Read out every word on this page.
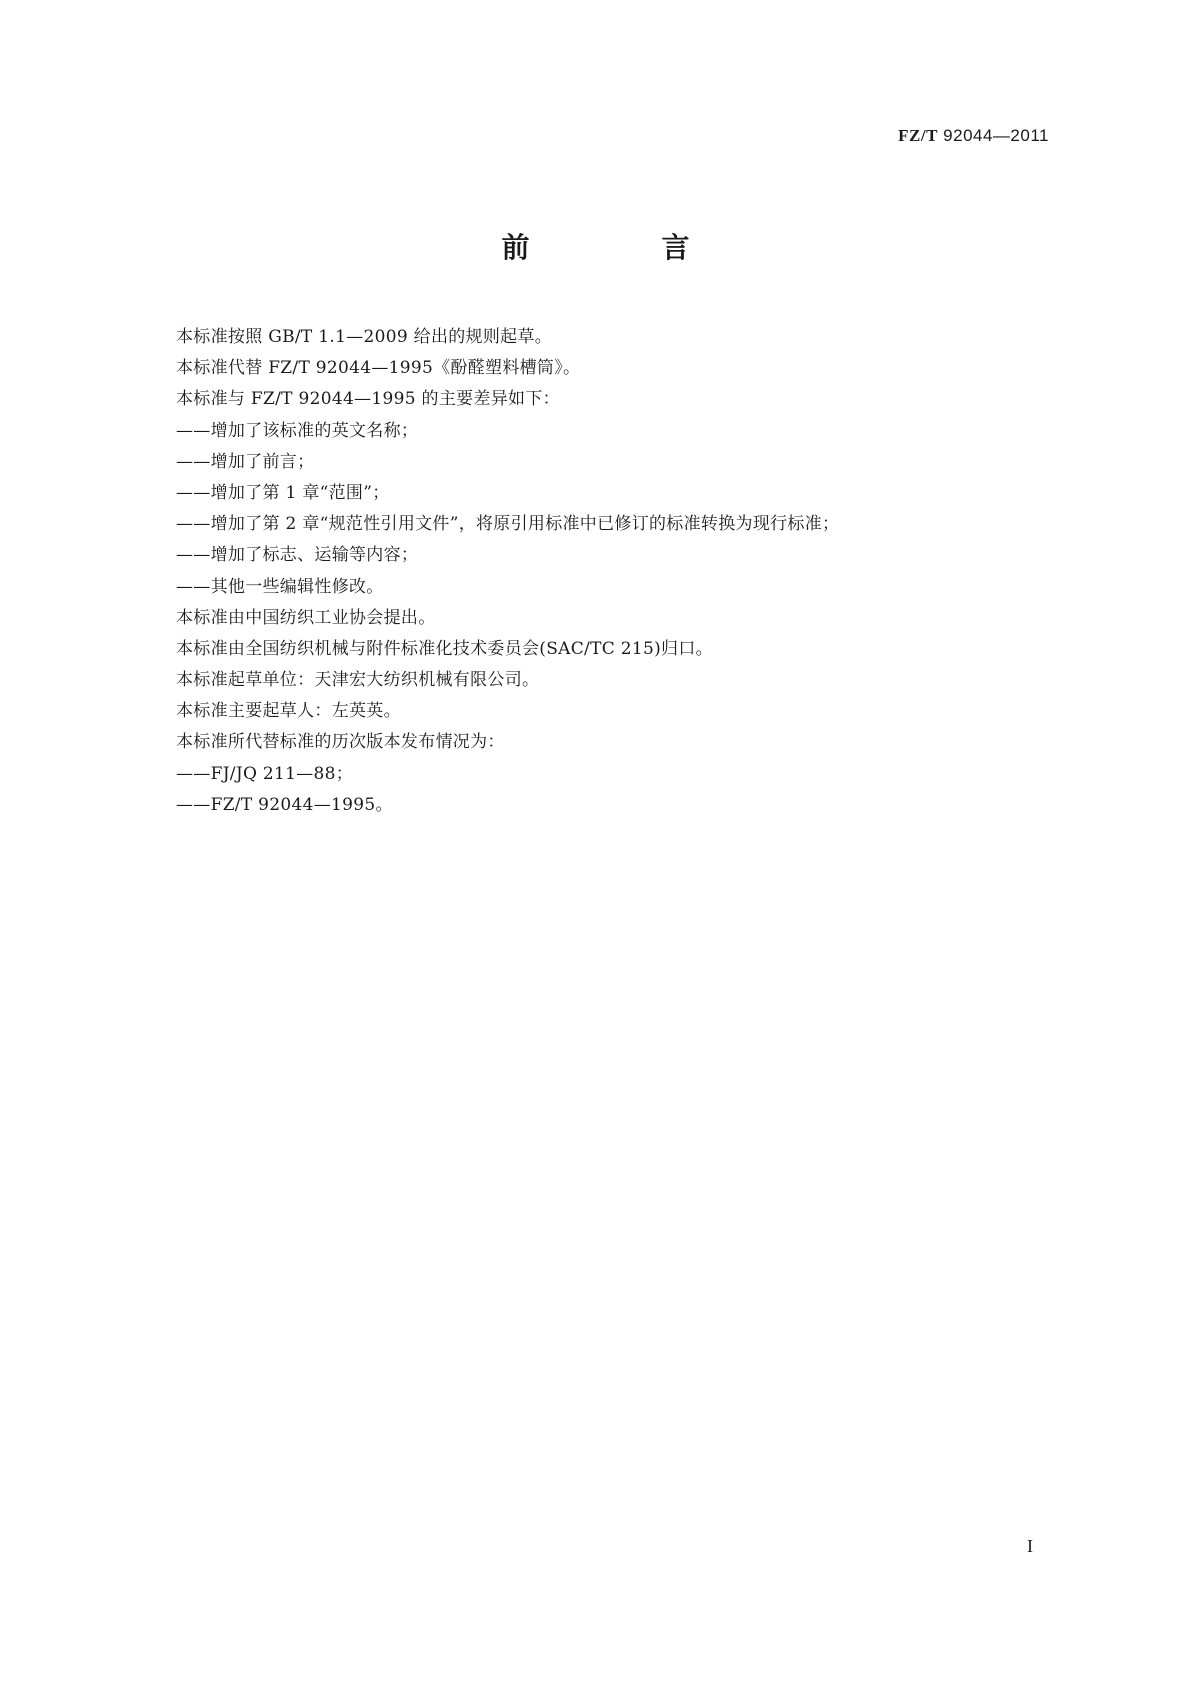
FZ/T 92044—2011
前　言
本标准按照 GB/T 1.1—2009 给出的规则起草。
本标准代替 FZ/T 92044—1995《酚醛塑料槽筒》。
本标准与 FZ/T 92044—1995 的主要差异如下：
——增加了该标准的英文名称；
——增加了前言；
——增加了第 1 章“范围”；
——增加了第 2 章“规范性引用文件”，将原引用标准中已修订的标准转换为现行标准；
——增加了标志、运输等内容；
——其他一些编辑性修改。
本标准由中国纺织工业协会提出。
本标准由全国纺织机械与附件标准化技术委员会(SAC/TC 215)归口。
本标准起草单位：天津宏大纺织机械有限公司。
本标准主要起草人：左英英。
本标准所代替标准的历次版本发布情况为：
——FJ/JQ 211—88；
——FZ/T 92044—1995。
I
